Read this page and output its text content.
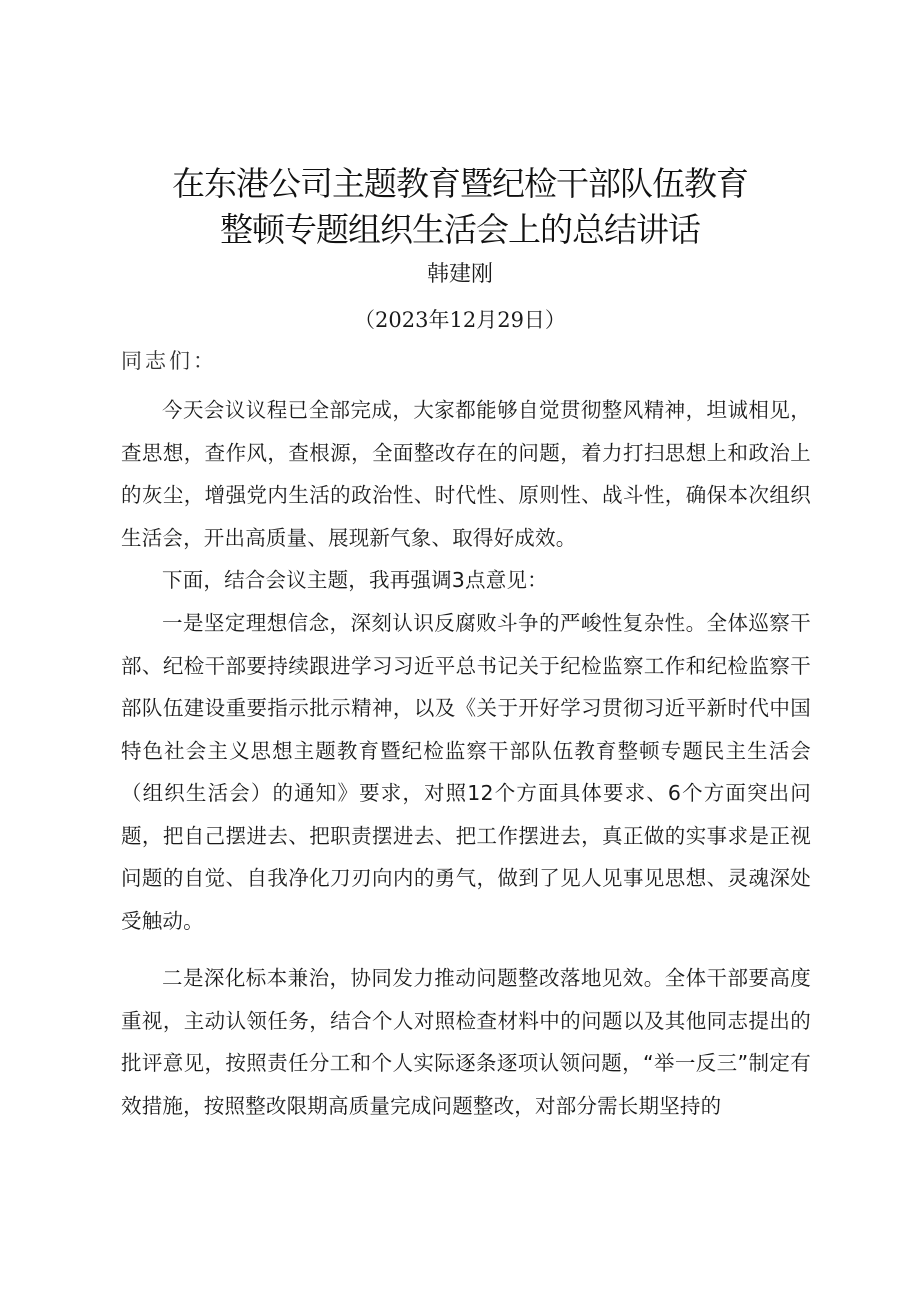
在东港公司主题教育暨纪检干部队伍教育
整顿专题组织生活会上的总结讲话
韩建刚
（2023年12月29日）
同志们：

今天会议议程已全部完成，大家都能够自觉贯彻整风精神，坦诚相见，查思想，查作风，查根源，全面整改存在的问题，着力打扫思想上和政治上的灰尘，增强党内生活的政治性、时代性、原则性、战斗性，确保本次组织生活会，开出高质量、展现新气象、取得好成效。

下面，结合会议主题，我再强调3点意见：

一是坚定理想信念，深刻认识反腐败斗争的严峻性复杂性。全体巡察干部、纪检干部要持续跟进学习习近平总书记关于纪检监察工作和纪检监察干部队伍建设重要指示批示精神，以及《关于开好学习贯彻习近平新时代中国特色社会主义思想主题教育暨纪检监察干部队伍教育整顿专题民主生活会（组织生活会）的通知》要求，对照12个方面具体要求、6个方面突出问题，把自己摆进去、把职责摆进去、把工作摆进去，真正做的实事求是正视问题的自觉、自我净化刀刃向内的勇气，做到了见人见事见思想、灵魂深处受触动。

二是深化标本兼治，协同发力推动问题整改落地见效。全体干部要高度重视，主动认领任务，结合个人对照检查材料中的问题以及其他同志提出的批评意见，按照责任分工和个人实际逐条逐项认领问题，“举一反三”制定有效措施，按照整改限期高质量完成问题整改，对部分需长期坚持的
